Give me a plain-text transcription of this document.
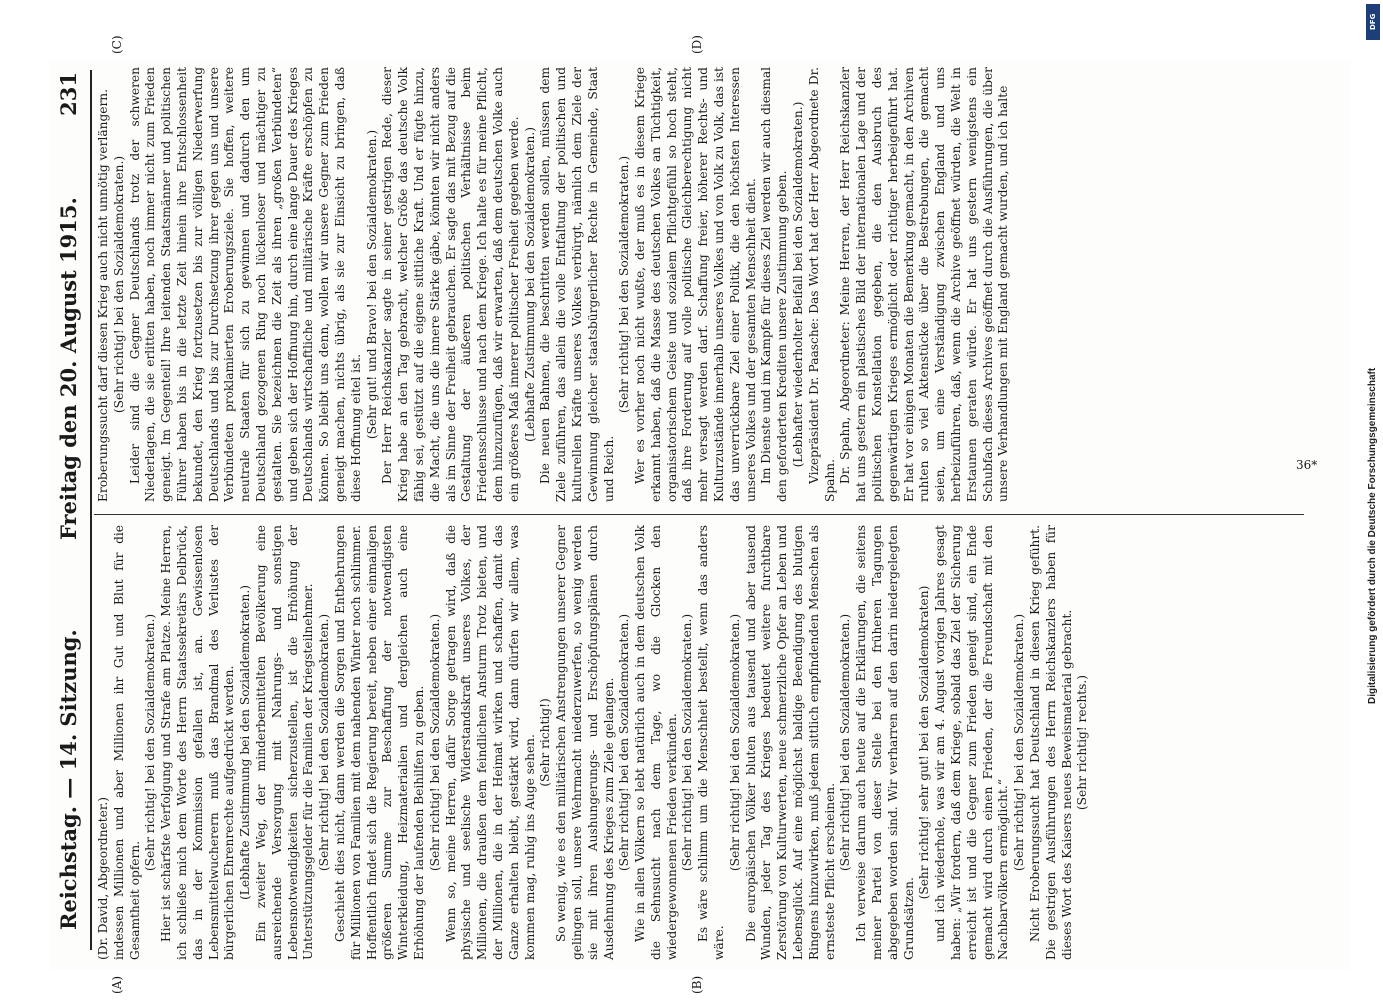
Reichstag. — 14. Sitzung.
Freitag den 20. August 1915.
231
(A)	(B)
(C)	(D)

(Dr. David, Abgeordneter.) indessen Millionen und aber Millionen ihr Gut und Blut für die Gesamtheit opfern.

(Sehr richtig! bei den Sozialdemokraten.) Hier ist schärfste Verfolgung und Strafe am Platze. Meine Herren, ich schließe mich dem Worte des Herrn Staatssekretärs Delbrück, das in der Kommission gefallen ist, an. Gewissenlosen Lebensmittelwucherern muß das Brandmal des Verlustes der bürgerlichen Ehrenrechte aufgedrückt werden. (Lebhafte Zustimmung bei den Sozialdemokraten.) Ein zweiter Weg, der minderbemittelten Bevölkerung eine ausreichende Versorgung mit Nahrungs- und sonstigen Lebensnotwendigkeiten sicherzustellen, ist die Erhöhung der Unterstützungsgelder für die Familien der Kriegsteilnehmer. (Sehr richtig! bei den Sozialdemokraten.) Geschieht dies nicht, dann werden die Sorgen und Entbehrungen für Millionen von Familien mit dem nahenden Winter noch schlimmer. Hoffentlich findet sich die Regierung bereit, neben einer einmaligen größeren Summe zur Beschaffung der notwendigsten Winterkleidung, Heizmaterialien und dergleichen auch eine Erhöhung der laufenden Beihilfen zu geben. (Sehr richtig! bei den Sozialdemokraten.) Wenn so, meine Herren, dafür Sorge getragen wird, daß die physische und seelische Widerstandskraft unseres Volkes, der Millionen, die draußen dem feindlichen Ansturm Trotz bieten, und der Millionen, die in der Heimat wirken und schaffen, damit das Ganze erhalten bleibt, gestärkt wird, dann dürfen wir allem, was kommen mag, ruhig ins Auge sehen. (Sehr richtig!) So wenig, wie es den militärischen Anstrengungen unserer Gegner gelingen soll, unsere Wehrmacht niederzuwerfen, so wenig werden sie mit ihren Aushungerungs- und Erschöpfungsplänen durch Ausdehnung des Krieges zum Ziele gelangen. (Sehr richtig! bei den Sozialdemokraten.) Wie in allen Völkern so lebt natürlich auch in dem deutschen Volk die Sehnsucht nach dem Tage, wo die Glocken den wiedergewonnenen Frieden verkünden. (Sehr richtig! bei den Sozialdemokraten.) Es wäre schlimm um die Menschheit bestellt, wenn das anders wäre.

(Sehr richtig! bei den Sozialdemokraten.) Die europäischen Völker bluten aus tausend und aber tausend Wunden, jeder Tag des Krieges bedeutet weitere furchtbare Zerstörung von Kulturwerten, neue schmerzliche Opfer an Leben und Lebensglück. Auf eine möglichst baldige Beendigung des blutigen Ringens hinzuwirken, muß jedem sittlich empfindenden Menschen als ernsteste Pflicht erscheinen.

(Sehr richtig! bei den Sozialdemokraten.) Ich verweise darum auch heute auf die Erklärungen, die seitens meiner Partei von dieser Stelle bei den früheren Tagungen abgegeben worden sind. Wir verharren auf den darin niedergelegten Grundsätzen.

(Sehr richtig! sehr gut! bei den Sozialdemokraten) und ich wiederhole, was wir am 4. August vorigen Jahres gesagt haben: „Wir fordern, daß dem Kriege, sobald das Ziel der Sicherung erreicht ist und die Gegner zum Frieden geneigt sind, ein Ende gemacht wird durch einen Frieden, der die Freundschaft mit den Nachbarvölkern ermöglicht.“ (Sehr richtig! bei den Sozialdemokraten.) Nicht Eroberungssucht hat Deutschland in diesen Krieg geführt. Die gestrigen Ausführungen des Herrn Reichskanzlers haben für dieses Wort des Kaisers neues Beweismaterial gebracht. (Sehr richtig! rechts.)

Eroberungssucht darf diesen Krieg auch nicht unnötig verlängern. (Sehr richtig! bei den Sozialdemokraten.) Leider sind die Gegner Deutschlands trotz der schweren Niederlagen, die sie erlitten haben, noch immer nicht zum Frieden geneigt. Im Gegenteil! Ihre leitenden Staatsmänner und politischen Führer haben bis in die letzte Zeit hinein ihre Entschlossenheit bekundet, den Krieg fortzusetzen bis zur völligen Niederwerfung Deutschlands und bis zur Durchsetzung ihrer gegen uns und unsere Verbündeten proklamierten Eroberungsziele. Sie hoffen, weitere neutrale Staaten für sich zu gewinnen und dadurch den um Deutschland gezogenen Ring noch lückenloser und mächtiger zu gestalten. Sie bezeichnen die Zeit als ihren „großen Verbündeten“ und geben sich der Hoffnung hin, durch eine lange Dauer des Krieges Deutschlands wirtschaftliche und militärische Kräfte erschöpfen zu können. So bleibt uns denn, wollen wir unsere Gegner zum Frieden geneigt machen, nichts übrig, als sie zur Einsicht zu bringen, daß diese Hoffnung eitel ist. (Sehr gut! und Bravo! bei den Sozialdemokraten.) Der Herr Reichskanzler sagte in seiner gestrigen Rede, dieser Krieg habe an den Tag gebracht, welcher Größe das deutsche Volk fähig sei, gestützt auf die eigene sittliche Kraft. Und er fügte hinzu, die Macht, die uns die innere Stärke gäbe, könnten wir nicht anders als im Sinne der Freiheit gebrauchen. Er sagte das mit Bezug auf die Gestaltung der äußeren politischen Verhältnisse beim Friedensschlusse und nach dem Kriege. Ich halte es für meine Pflicht, dem hinzuzufügen, daß wir erwarten, daß dem deutschen Volke auch ein größeres Maß innerer politischer Freiheit gegeben werde. (Lebhafte Zustimmung bei den Sozialdemokraten.) Die neuen Bahnen, die beschritten werden sollen, müssen dem Ziele zuführen, das allein die volle Entfaltung der politischen und kulturellen Kräfte unseres Volkes verbürgt, nämlich dem Ziele der Gewinnung gleicher staatsbürgerlicher Rechte in Gemeinde, Staat und Reich.

(Sehr richtig! bei den Sozialdemokraten.) Wer es vorher noch nicht wußte, der muß es in diesem Kriege erkannt haben, daß die Masse des deutschen Volkes an Tüchtigkeit, organisatorischem Geiste und sozialem Pflichtgefühl so hoch steht, daß ihre Forderung auf volle politische Gleichberechtigung nicht mehr versagt werden darf. Schaffung freier, höherer Rechts- und Kulturzustände innerhalb unseres Volkes und von Volk zu Volk, das ist das unverrückbare Ziel einer Politik, die den höchsten Interessen unseres Volkes und der gesamten Menschheit dient. Im Dienste und im Kampfe für dieses Ziel werden wir auch diesmal den geforderten Krediten unsere Zustimmung geben. (Lebhafter wiederholter Beifall bei den Sozialdemokraten.) Vizepräsident Dr. Paasche: Das Wort hat der Herr Abgeordnete Dr. Spahn. Dr. Spahn, Abgeordneter: Meine Herren, der Herr Reichskanzler hat uns gestern ein plastisches Bild der internationalen Lage und der politischen Konstellation gegeben, die den Ausbruch des gegenwärtigen Krieges ermöglicht oder richtiger herbeigeführt hat. Er hat vor einigen Monaten die Bemerkung gemacht, in den Archiven ruhten so viel Aktenstücke über die Bestrebungen, die gemacht seien, um eine Verständigung zwischen England und uns herbeizuführen, daß, wenn die Archive geöffnet würden, die Welt in Erstaunen geraten würde. Er hat uns gestern wenigstens ein Schubfach dieses Archives geöffnet durch die Ausführungen, die über unsere Verhandlungen mit England gemacht wurden, und ich halte

DFG
Digitalisierung gefördert durch die Deutsche Forschungsgemeinschaft
36*
